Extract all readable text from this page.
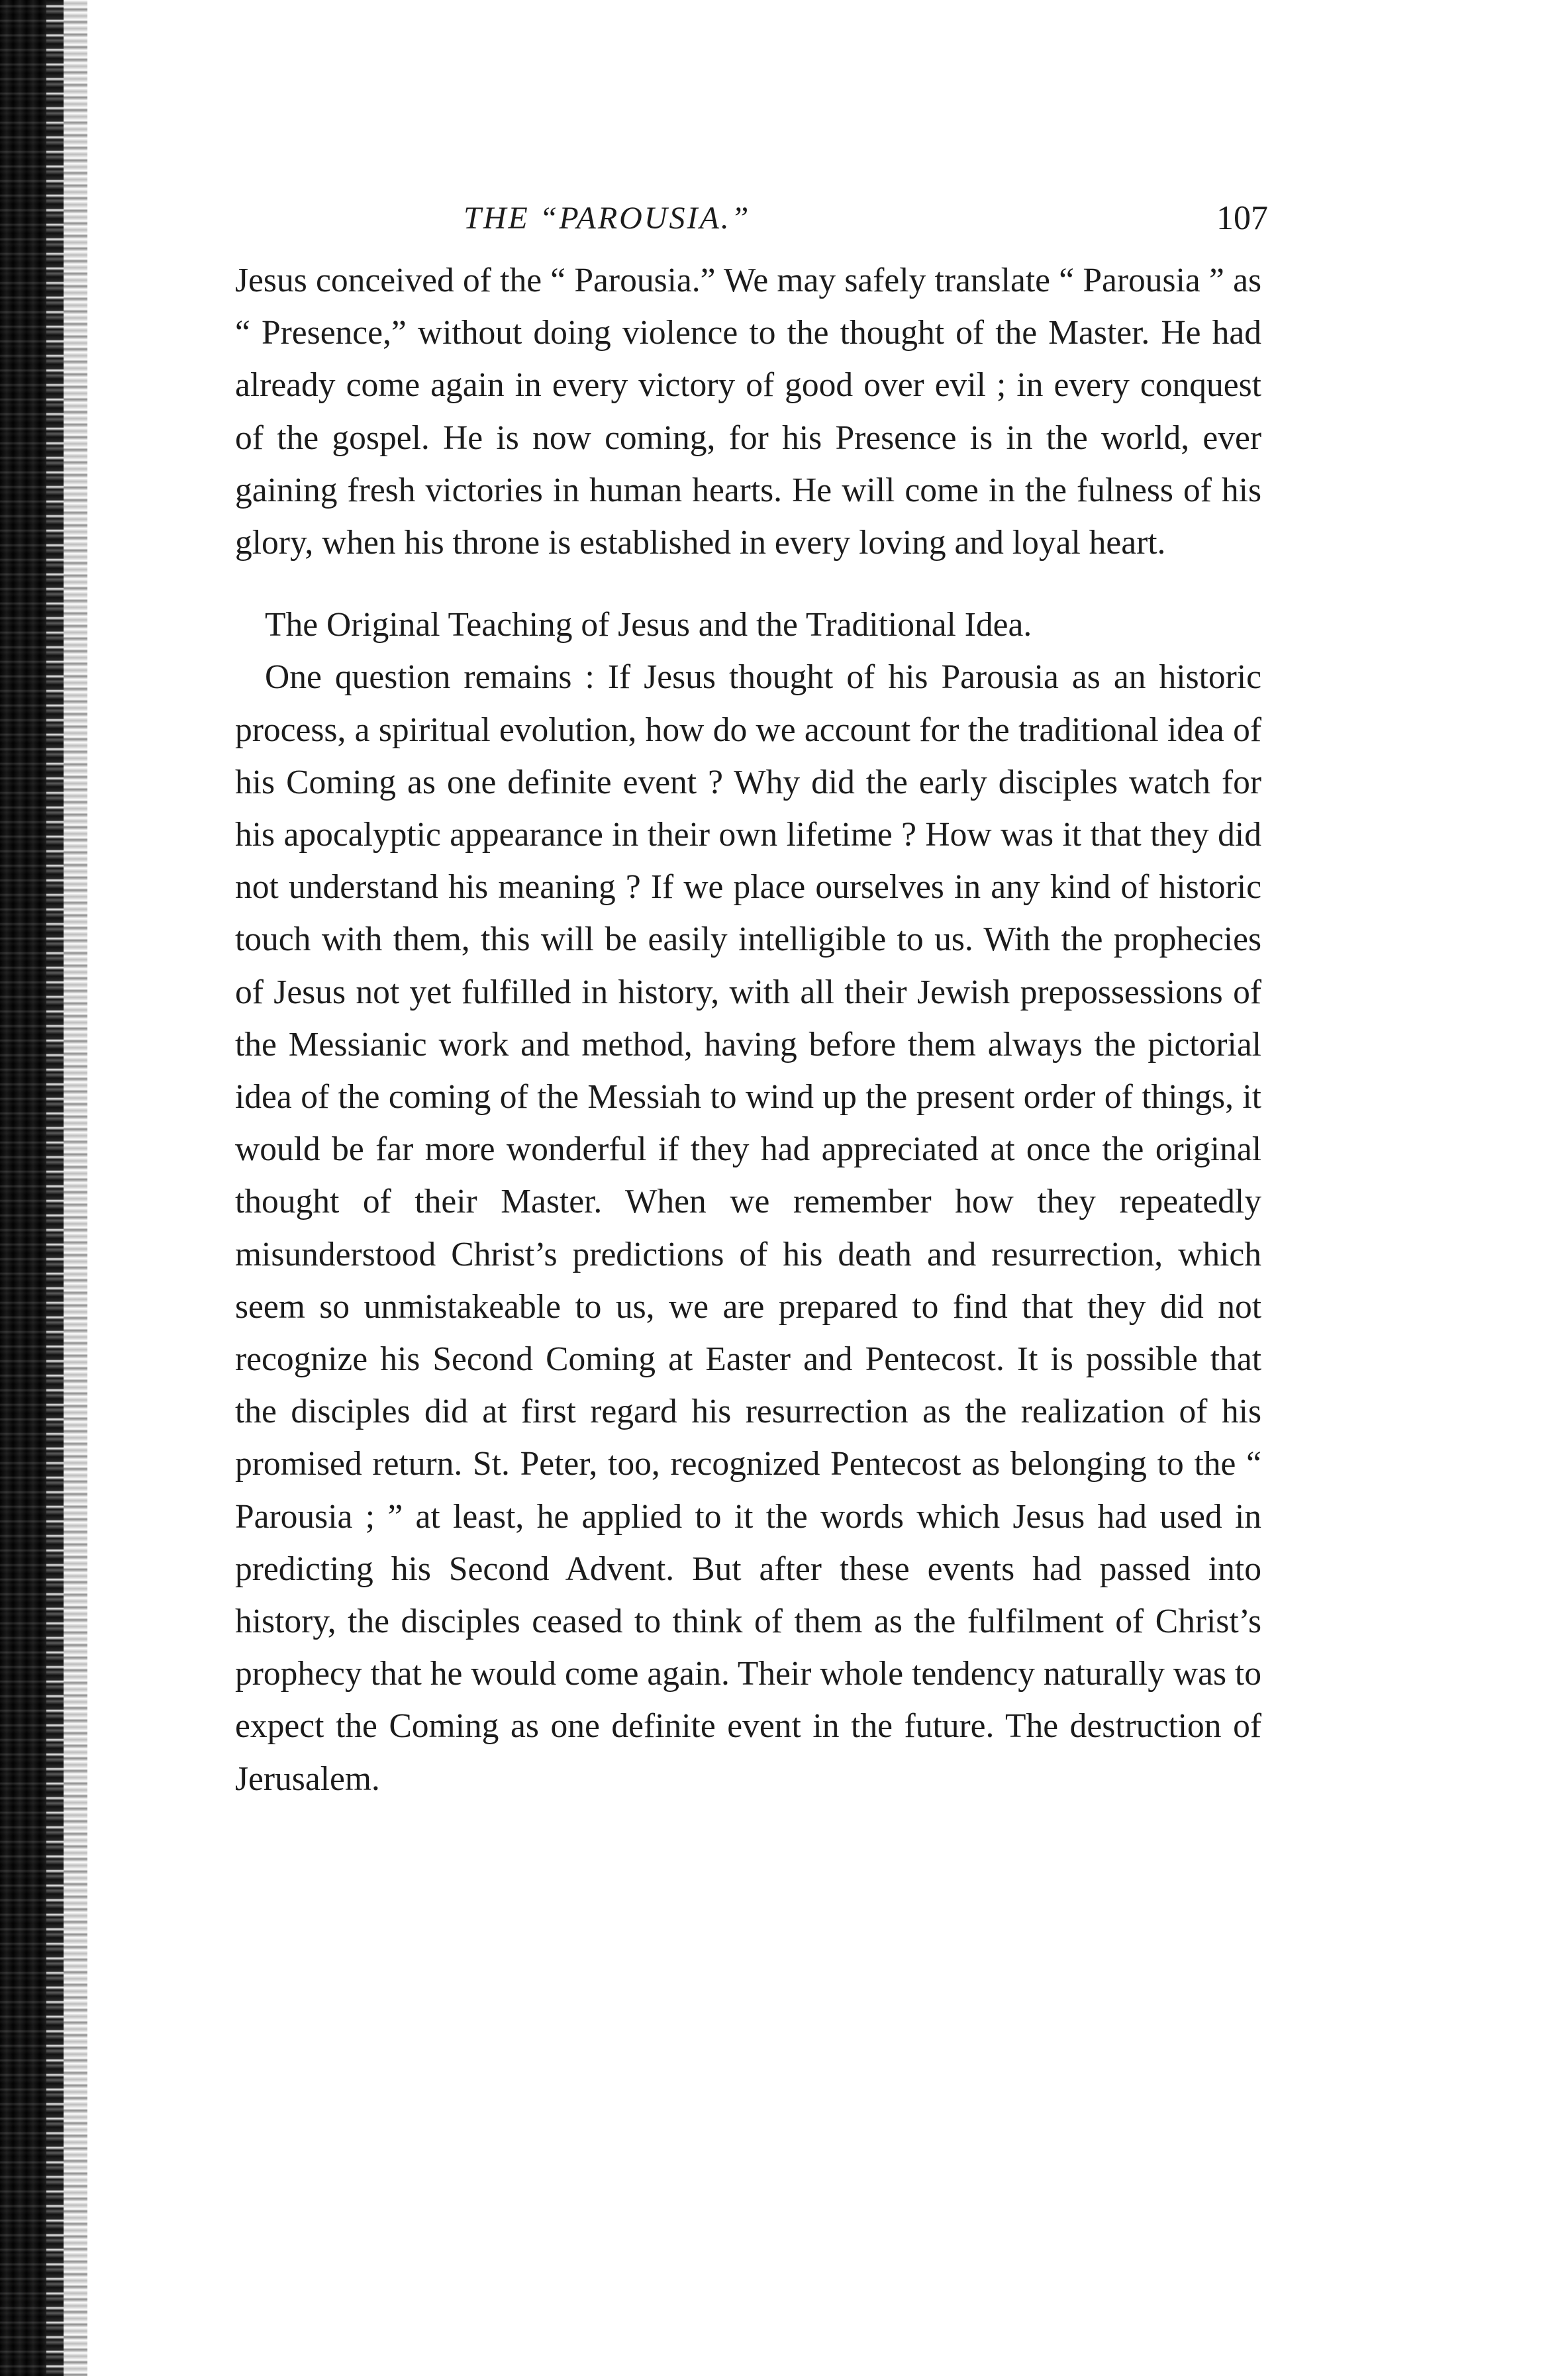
THE “PAROUSIA.”	107

Jesus conceived of the “ Parousia.” We may safely translate “ Parousia ” as “ Presence,” without doing violence to the thought of the Master. He had already come again in every victory of good over evil ; in every conquest of the gospel. He is now coming, for his Presence is in the world, ever gaining fresh victories in human hearts. He will come in the fulness of his glory, when his throne is established in every loving and loyal heart.

The Original Teaching of Jesus and the Traditional Idea.

One question remains : If Jesus thought of his Parousia as an historic process, a spiritual evolution, how do we account for the traditional idea of his Coming as one definite event ? Why did the early disciples watch for his apocalyptic appearance in their own lifetime ? How was it that they did not understand his meaning ? If we place ourselves in any kind of historic touch with them, this will be easily intelligible to us. With the prophecies of Jesus not yet fulfilled in history, with all their Jewish prepossessions of the Messianic work and method, having before them always the pictorial idea of the coming of the Messiah to wind up the present order of things, it would be far more wonderful if they had appreciated at once the original thought of their Master. When we remember how they repeatedly misunderstood Christ’s predictions of his death and resurrection, which seem so unmistakeable to us, we are prepared to find that they did not recognize his Second Coming at Easter and Pentecost. It is possible that the disciples did at first regard his resurrection as the realization of his promised return. St. Peter, too, recognized Pentecost as belonging to the “ Parousia ; ” at least, he applied to it the words which Jesus had used in predicting his Second Advent. But after these events had passed into history, the disciples ceased to think of them as the fulfilment of Christ’s prophecy that he would come again. Their whole tendency naturally was to expect the Coming as one definite event in the future. The destruction of Jerusalem.
